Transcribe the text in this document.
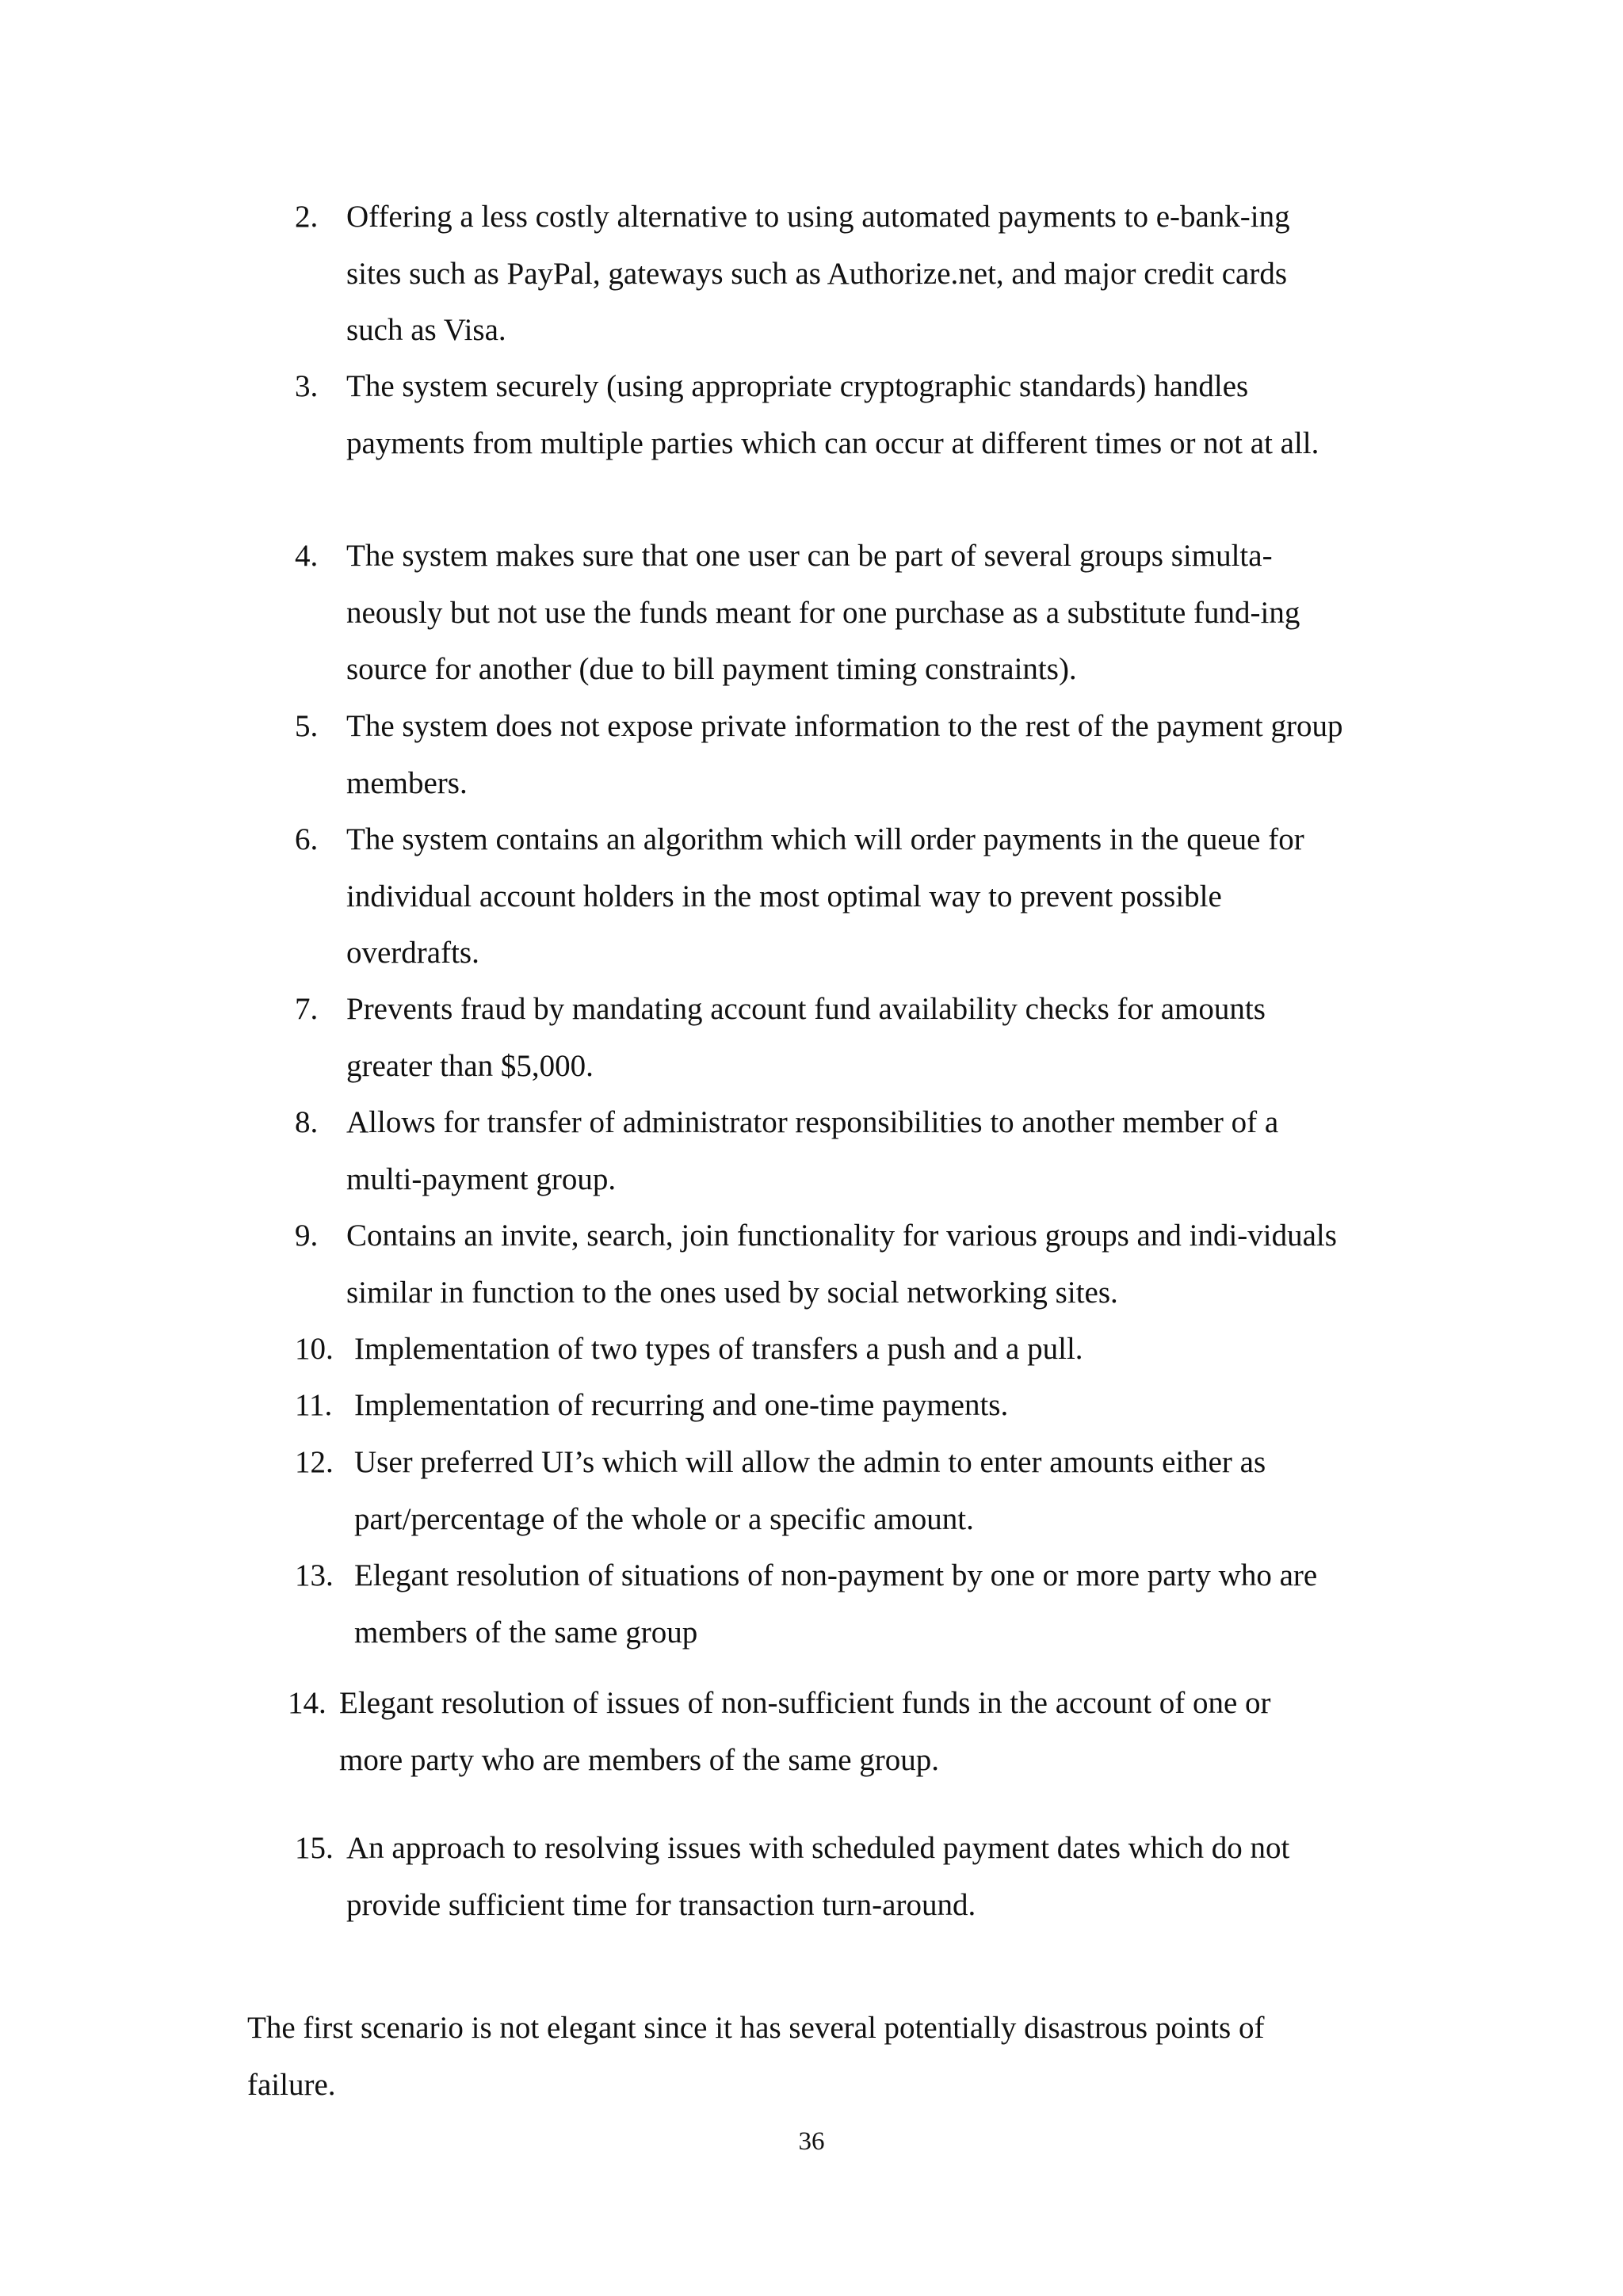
2. Offering a less costly alternative to using automated payments to e-bank-ing sites such as PayPal, gateways such as Authorize.net, and major credit cards such as Visa.
3. The system securely (using appropriate cryptographic standards) handles payments from multiple parties which can occur at different times or not at all.
4. The system makes sure that one user can be part of several groups simulta-neously but not use the funds meant for one purchase as a substitute fund-ing source for another (due to bill payment timing constraints).
5. The system does not expose private information to the rest of the payment group members.
6. The system contains an algorithm which will order payments in the queue for individual account holders in the most optimal way to prevent possible overdrafts.
7. Prevents fraud by mandating account fund availability checks for amounts greater than $5,000.
8. Allows for transfer of administrator responsibilities to another member of a multi-payment group.
9. Contains an invite, search, join functionality for various groups and indi-viduals similar in function to the ones used by social networking sites.
10. Implementation of two types of transfers a push and a pull.
11. Implementation of recurring and one-time payments.
12. User preferred UI’s which will allow the admin to enter amounts either as part/percentage of the whole or a specific amount.
13. Elegant resolution of situations of non-payment by one or more party who are members of the same group
14. Elegant resolution of issues of non-sufficient funds in the account of one or more party who are members of the same group.
15. An approach to resolving issues with scheduled payment dates which do not provide sufficient time for transaction turn-around.

The first scenario is not elegant since it has several potentially disastrous points of failure.

36
